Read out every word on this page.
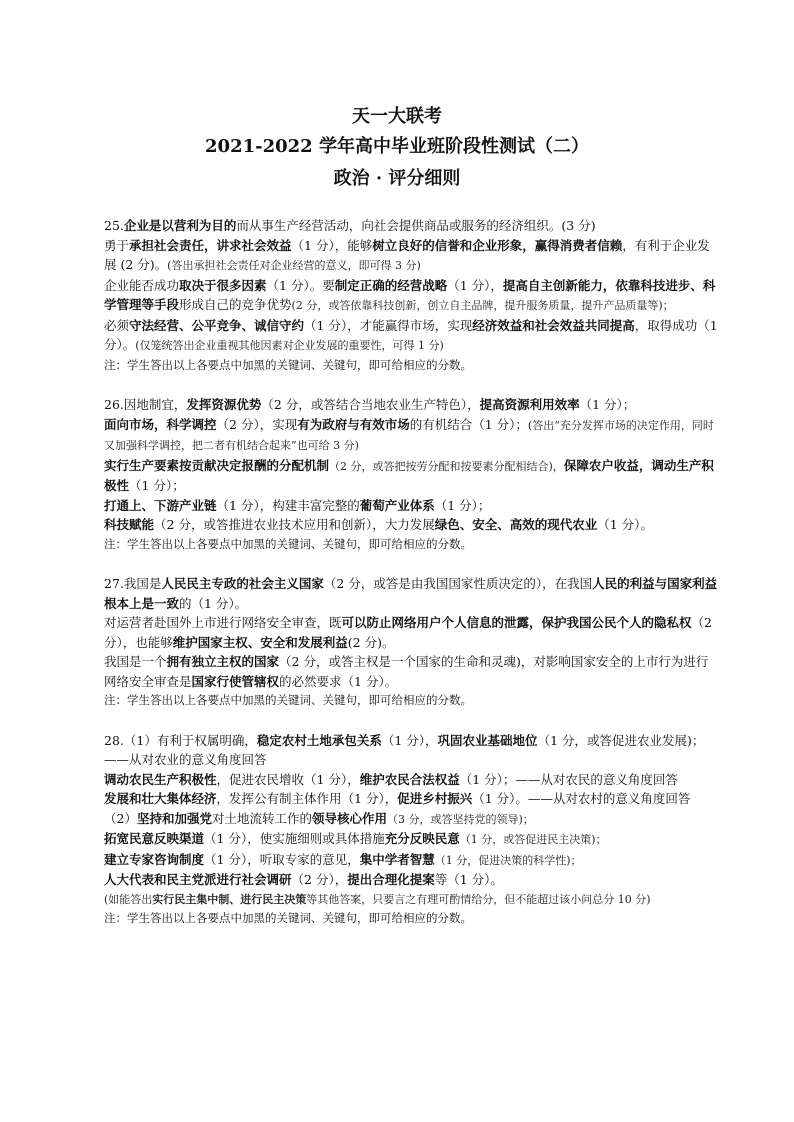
天一大联考
2021-2022 学年高中毕业班阶段性测试（二）
政治 · 评分细则

25.企业是以营利为目的而从事生产经营活动，向社会提供商品或服务的经济组织。(3 分)

勇于承担社会责任，讲求社会效益（1 分），能够树立良好的信誉和企业形象，赢得消费者信赖，有利于企业发展 (2 分)。(答出承担社会责任对企业经营的意义，即可得 3 分)

企业能否成功取决于很多因素（1 分）。要制定正确的经营战略（1 分），提高自主创新能力，依靠科技进步、科学管理等手段形成自己的竞争优势(2 分，或答依靠科技创新，创立自主品牌，提升服务质量，提升产品质量等)；

必须守法经营、公平竞争、诚信守约（1 分），才能赢得市场，实现经济效益和社会效益共同提高，取得成功（1 分）。(仅笼统答出企业重视其他因素对企业发展的重要性，可得 1 分)

注：学生答出以上各要点中加黑的关键词、关键句，即可给相应的分数。

26.因地制宜，发挥资源优势（2 分，或答结合当地农业生产特色），提高资源利用效率（1 分）；

面向市场，科学调控（2 分），实现有为政府与有效市场的有机结合（1 分）；(答出“充分发挥市场的决定作用，同时又加强科学调控，把二者有机结合起来”也可给 3 分)

实行生产要素按贡献决定报酬的分配机制（2 分，或答把按劳分配和按要素分配相结合)，保障农户收益，调动生产积极性（1 分）；

打通上、下游产业链（1 分），构建丰富完整的葡萄产业体系（1 分）；

科技赋能（2 分，或答推进农业技术应用和创新），大力发展绿色、安全、高效的现代农业（1 分）。

注：学生答出以上各要点中加黑的关键词、关键句，即可给相应的分数。

27.我国是人民民主专政的社会主义国家（2 分，或答是由我国国家性质决定的），在我国人民的利益与国家利益根本上是一致的（1 分）。

对运营者赴国外上市进行网络安全审查，既可以防止网络用户个人信息的泄露，保护我国公民个人的隐私权（2 分），也能够维护国家主权、安全和发展利益(2 分)。

我国是一个拥有独立主权的国家（2 分，或答主权是一个国家的生命和灵魂)，对影响国家安全的上市行为进行网络安全审查是国家行使管辖权的必然要求（1 分）。

注：学生答出以上各要点中加黑的关键词、关键句，即可给相应的分数。

28.（1）有利于权属明确，稳定农村土地承包关系（1 分），巩固农业基础地位（1 分，或答促进农业发展)；——从对农业的意义角度回答

调动农民生产积极性，促进农民增收（1 分），维护农民合法权益（1 分）；——从对农民的意义角度回答

发展和壮大集体经济，发挥公有制主体作用（1 分），促进乡村振兴（1 分）。——从对农村的意义角度回答

（2）坚持和加强党对土地流转工作的领导核心作用（3 分，或答坚持党的领导)；

拓宽民意反映渠道（1 分），使实施细则或具体措施充分反映民意（1 分，或答促进民主决策)；

建立专家咨询制度（1 分），听取专家的意见，集中学者智慧（1 分，促进决策的科学性)；

人大代表和民主党派进行社会调研（2 分），提出合理化提案等（1 分）。

(如能答出实行民主集中制、进行民主决策等其他答案，只要言之有理可酌情给分，但不能超过该小问总分 10 分)

注：学生答出以上各要点中加黑的关键词、关键句，即可给相应的分数。
